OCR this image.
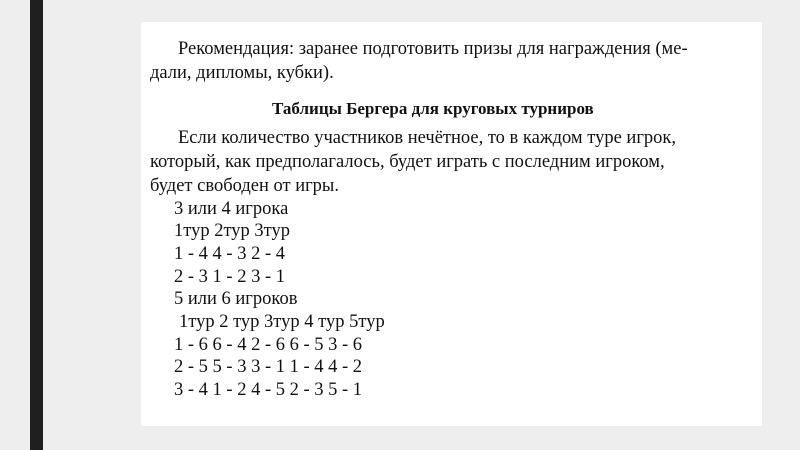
Рекомендация: заранее подготовить призы для награждения (ме-

дали, дипломы, кубки).

Таблицы Бергера для круговых турниров

Если количество участников нечётное, то в каждом туре игрок,

который, как предполагалось, будет играть с последним игроком,

будет свободен от игры.

3 или 4 игрока

1тур 2тур 3тур

1 - 4 4 - 3 2 - 4

2 - 3 1 - 2 3 - 1

5 или 6 игроков

1тур 2 тур 3тур 4 тур 5тур

1 - 6 6 - 4 2 - 6 6 - 5 3 - 6

2 - 5 5 - 3 3 - 1 1 - 4 4 - 2

3 - 4 1 - 2 4 - 5 2 - 3 5 - 1
